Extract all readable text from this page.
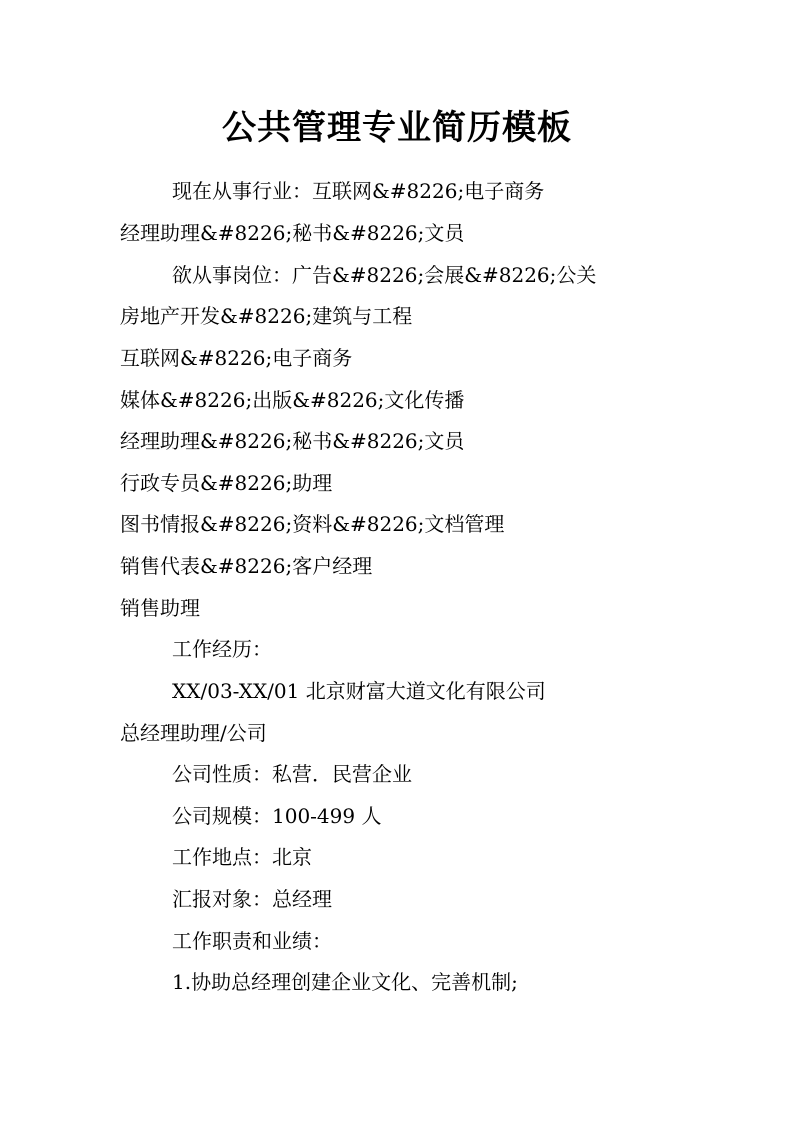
公共管理专业简历模板
现在从事行业：互联网&#8226;电子商务
经理助理&#8226;秘书&#8226;文员
欲从事岗位：广告&#8226;会展&#8226;公关
房地产开发&#8226;建筑与工程
互联网&#8226;电子商务
媒体&#8226;出版&#8226;文化传播
经理助理&#8226;秘书&#8226;文员
行政专员&#8226;助理
图书情报&#8226;资料&#8226;文档管理
销售代表&#8226;客户经理
销售助理
工作经历：
XX/03-XX/01 北京财富大道文化有限公司
总经理助理/公司
公司性质：私营．民营企业
公司规模：100-499 人
工作地点：北京
汇报对象：总经理
工作职责和业绩：
1.协助总经理创建企业文化、完善机制;
